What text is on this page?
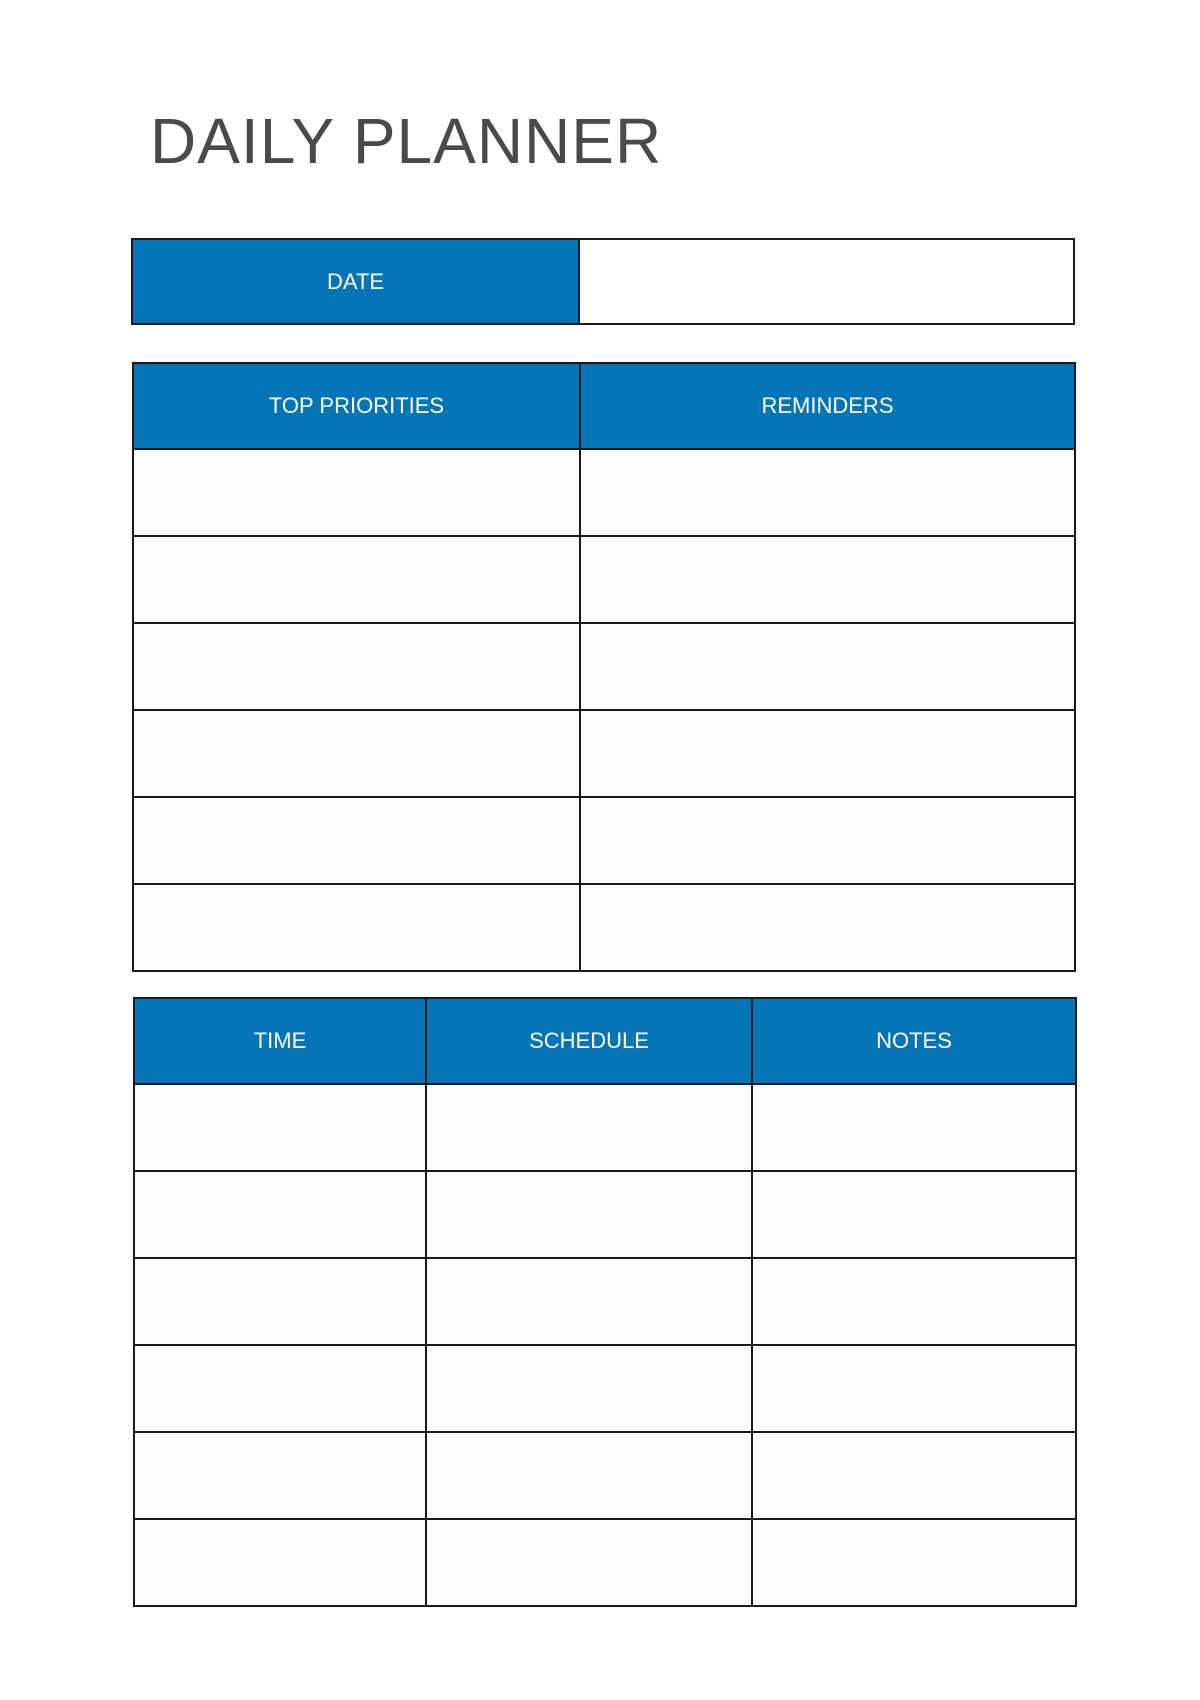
DAILY PLANNER
DATE	
TOP PRIORITIES	REMINDERS

TIME	SCHEDULE	NOTES
